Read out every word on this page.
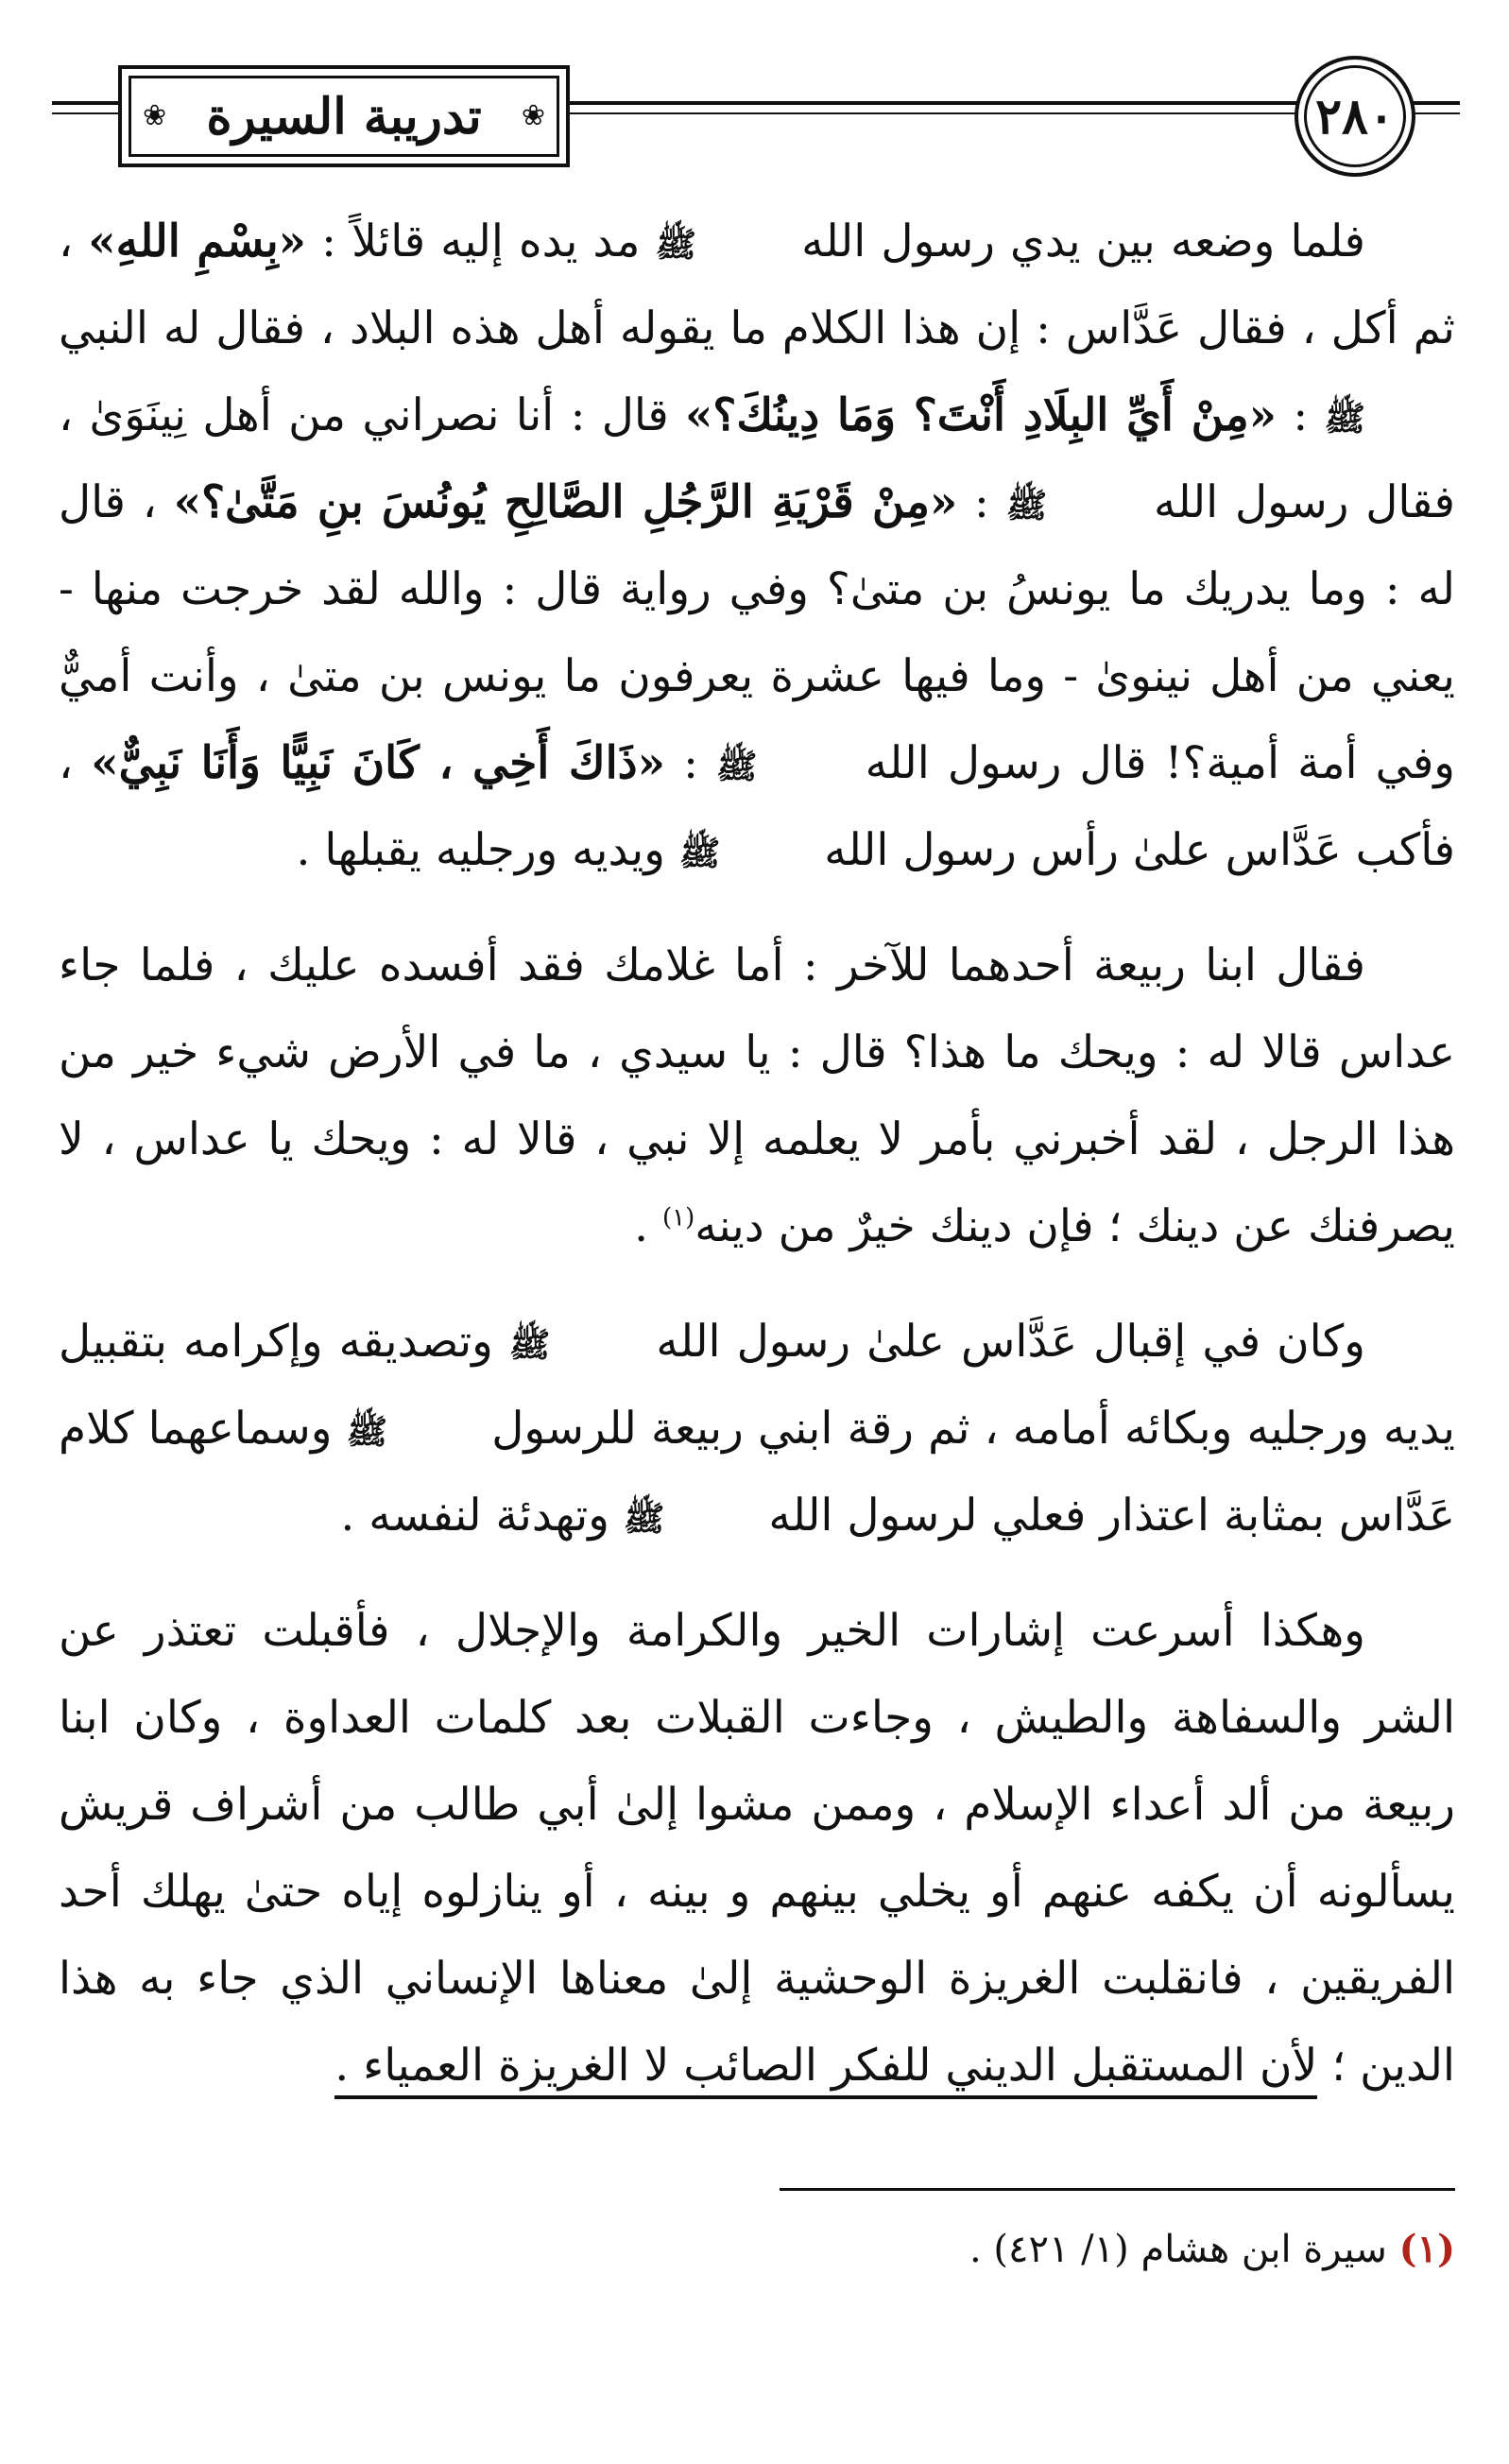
❀ تدريبة السيرة ❀	٢٨٠

فلما وضعه بين يدي رسول الله ﷺ مد يده إليه قائلاً : «بِسْمِ اللهِ» ، ثم أكل ، فقال عَدَّاس : إن هذا الكلام ما يقوله أهل هذه البلاد ، فقال له النبي ﷺ : «مِنْ أَيِّ البِلَادِ أَنْتَ؟ وَمَا دِينُكَ؟» قال : أنا نصراني من أهل نِينَوَىٰ ، فقال رسول الله ﷺ : «مِنْ قَرْيَةِ الرَّجُلِ الصَّالِحِ يُونُسَ بنِ مَتَّىٰ؟» ، قال له : وما يدريك ما يونسُ بن متىٰ؟ وفي رواية قال : والله لقد خرجت منها - يعني من أهل نينوىٰ - وما فيها عشرة يعرفون ما يونس بن متىٰ ، وأنت أميٌّ وفي أمة أمية؟! قال رسول الله ﷺ : «ذَاكَ أَخِي ، كَانَ نَبِيًّا وَأَنَا نَبِيٌّ» ، فأكب عَدَّاس علىٰ رأس رسول الله ﷺ ويديه ورجليه يقبلها .

فقال ابنا ربيعة أحدهما للآخر : أما غلامك فقد أفسده عليك ، فلما جاء عداس قالا له : ويحك ما هذا؟ قال : يا سيدي ، ما في الأرض شيء خير من هذا الرجل ، لقد أخبرني بأمر لا يعلمه إلا نبي ، قالا له : ويحك يا عداس ، لا يصرفنك عن دينك ؛ فإن دينك خيرٌ من دينه$^{(١)}$ .

وكان في إقبال عَدَّاس علىٰ رسول الله ﷺ وتصديقه وإكرامه بتقبيل يديه ورجليه وبكائه أمامه ، ثم رقة ابني ربيعة للرسول ﷺ وسماعهما كلام عَدَّاس بمثابة اعتذار فعلي لرسول الله ﷺ وتهدئة لنفسه .

وهكذا أسرعت إشارات الخير والكرامة والإجلال ، فأقبلت تعتذر عن الشر والسفاهة والطيش ، وجاءت القبلات بعد كلمات العداوة ، وكان ابنا ربيعة من ألد أعداء الإسلام ، وممن مشوا إلىٰ أبي طالب من أشراف قريش يسألونه أن يكفه عنهم أو يخلي بينهم و بينه ، أو ينازلوه إياه حتىٰ يهلك أحد الفريقين ، فانقلبت الغريزة الوحشية إلىٰ معناها الإنساني الذي جاء به هذا الدين ؛ لأن المستقبل الديني للفكر الصائب لا الغريزة العمياء .

(١) سيرة ابن هشام (١/ ٤٢١) .
